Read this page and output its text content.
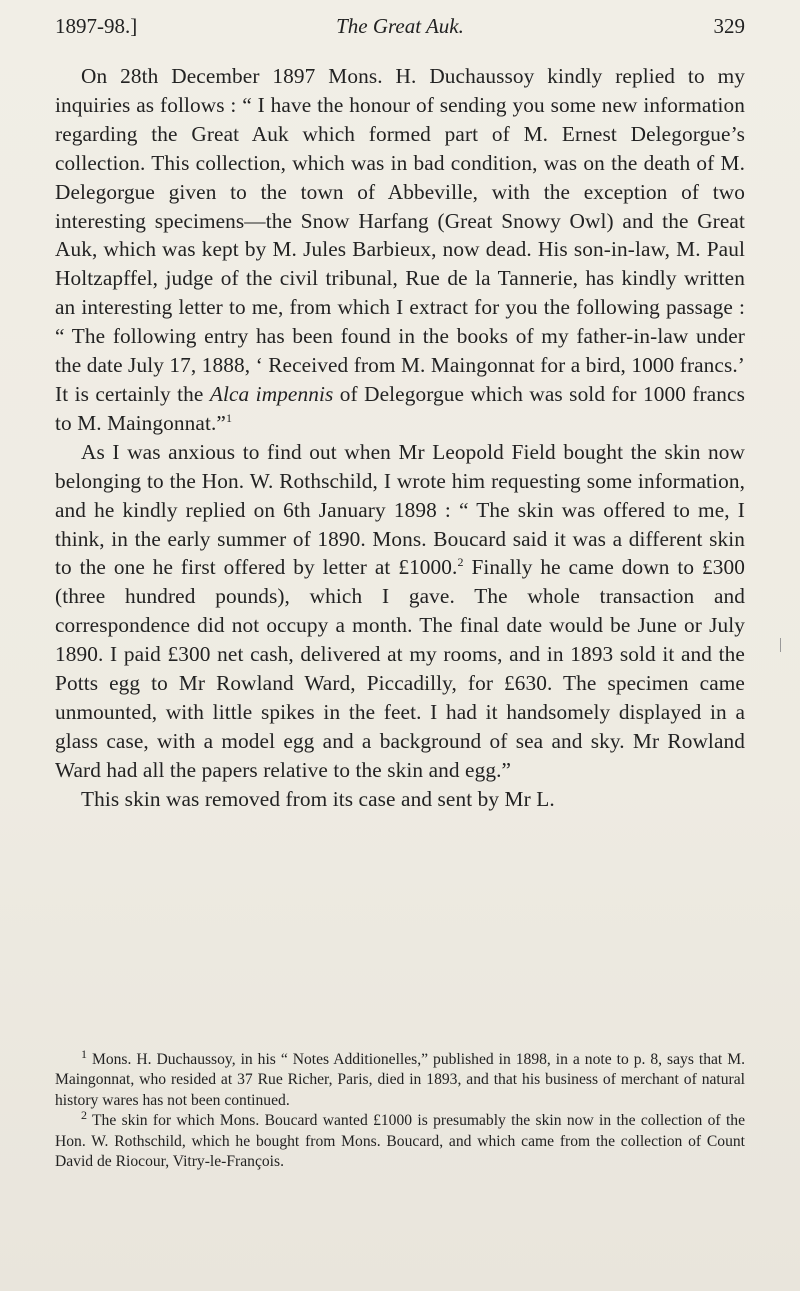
1897-98.]	The Great Auk.	329

On 28th December 1897 Mons. H. Duchaussoy kindly replied to my inquiries as follows : “ I have the honour of sending you some new information regarding the Great Auk which formed part of M. Ernest Delegorgue’s collection. This collection, which was in bad condition, was on the death of M. Delegorgue given to the town of Abbeville, with the exception of two interesting specimens—the Snow Harfang (Great Snowy Owl) and the Great Auk, which was kept by M. Jules Barbieux, now dead. His son-in-law, M. Paul Holtzapffel, judge of the civil tribunal, Rue de la Tannerie, has kindly written an interesting letter to me, from which I extract for you the following passage : “ The following entry has been found in the books of my father-in-law under the date July 17, 1888, ‘ Received from M. Maingonnat for a bird, 1000 francs.’ It is certainly the Alca impennis of Delegorgue which was sold for 1000 francs to M. Maingonnat.”$^1$

As I was anxious to find out when Mr Leopold Field bought the skin now belonging to the Hon. W. Rothschild, I wrote him requesting some information, and he kindly replied on 6th January 1898 : “ The skin was offered to me, I think, in the early summer of 1890. Mons. Boucard said it was a different skin to the one he first offered by letter at £1000.$^2$ Finally he came down to £300 (three hundred pounds), which I gave. The whole transaction and correspondence did not occupy a month. The final date would be June or July 1890. I paid £300 net cash, delivered at my rooms, and in 1893 sold it and the Potts egg to Mr Rowland Ward, Piccadilly, for £630. The specimen came unmounted, with little spikes in the feet. I had it handsomely displayed in a glass case, with a model egg and a background of sea and sky. Mr Rowland Ward had all the papers relative to the skin and egg.”

This skin was removed from its case and sent by Mr L.

$^1$ Mons. H. Duchaussoy, in his “ Notes Additionelles,” published in 1898, in a note to p. 8, says that M. Maingonnat, who resided at 37 Rue Richer, Paris, died in 1893, and that his business of merchant of natural history wares has not been continued.

$^2$ The skin for which Mons. Boucard wanted £1000 is presumably the skin now in the collection of the Hon. W. Rothschild, which he bought from Mons. Boucard, and which came from the collection of Count David de Riocour, Vitry-le-François.
